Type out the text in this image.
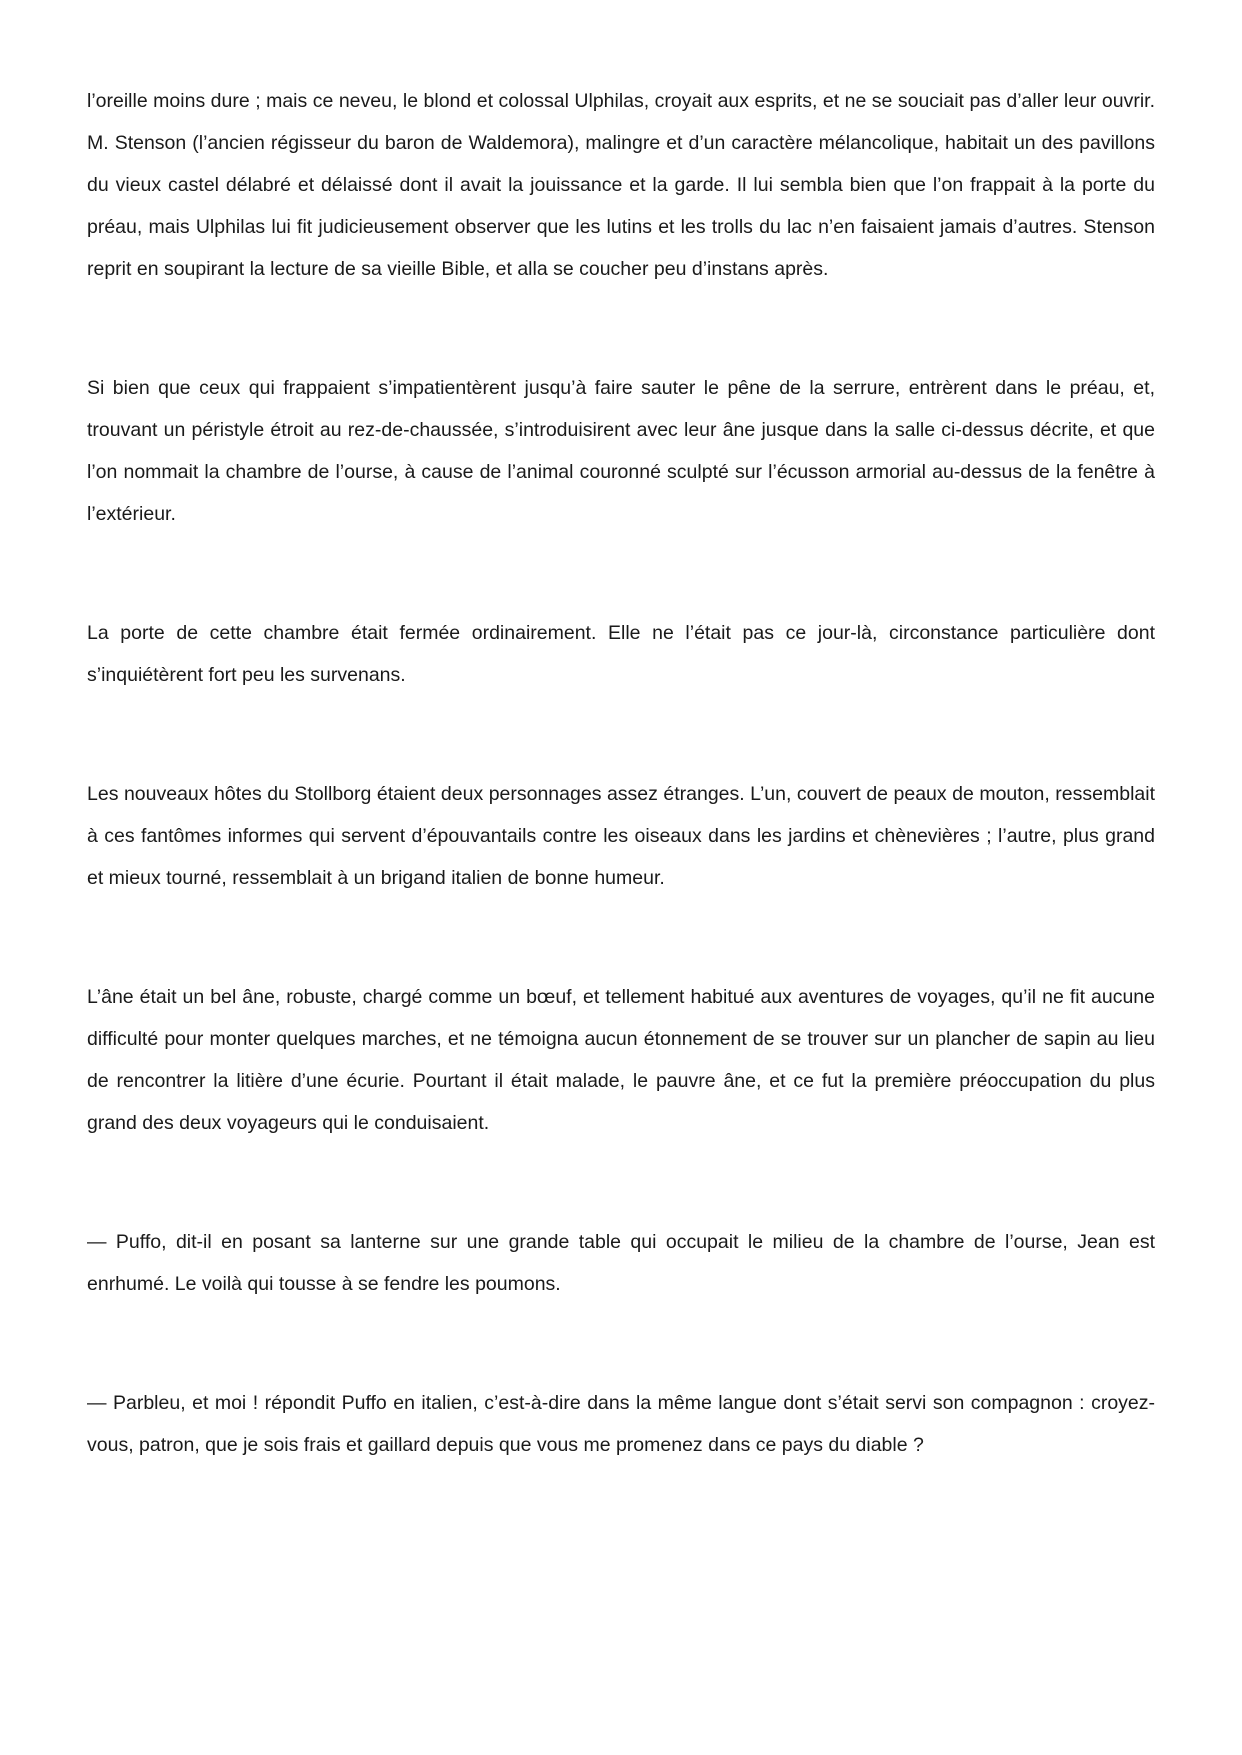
l’oreille moins dure ; mais ce neveu, le blond et colossal Ulphilas, croyait aux esprits, et ne se souciait pas d’aller leur ouvrir. M. Stenson (l’ancien régisseur du baron de Waldemora), malingre et d’un caractère mélancolique, habitait un des pavillons du vieux castel délabré et délaissé dont il avait la jouissance et la garde. Il lui sembla bien que l’on frappait à la porte du préau, mais Ulphilas lui fit judicieusement observer que les lutins et les trolls du lac n’en faisaient jamais d’autres. Stenson reprit en soupirant la lecture de sa vieille Bible, et alla se coucher peu d’instans après.

Si bien que ceux qui frappaient s’impatientèrent jusqu’à faire sauter le pêne de la serrure, entrèrent dans le préau, et, trouvant un péristyle étroit au rez-de-chaussée, s’introduisirent avec leur âne jusque dans la salle ci-dessus décrite, et que l’on nommait la chambre de l’ourse, à cause de l’animal couronné sculpté sur l’écusson armorial au-dessus de la fenêtre à l’extérieur.

La porte de cette chambre était fermée ordinairement. Elle ne l’était pas ce jour-là, circonstance particulière dont s’inquiétèrent fort peu les survenans.

Les nouveaux hôtes du Stollborg étaient deux personnages assez étranges. L’un, couvert de peaux de mouton, ressemblait à ces fantômes informes qui servent d’épouvantails contre les oiseaux dans les jardins et chènevières ; l’autre, plus grand et mieux tourné, ressemblait à un brigand italien de bonne humeur.

L’âne était un bel âne, robuste, chargé comme un bœuf, et tellement habitué aux aventures de voyages, qu’il ne fit aucune difficulté pour monter quelques marches, et ne témoigna aucun étonnement de se trouver sur un plancher de sapin au lieu de rencontrer la litière d’une écurie. Pourtant il était malade, le pauvre âne, et ce fut la première préoccupation du plus grand des deux voyageurs qui le conduisaient.

— Puffo, dit-il en posant sa lanterne sur une grande table qui occupait le milieu de la chambre de l’ourse, Jean est enrhumé. Le voilà qui tousse à se fendre les poumons.

— Parbleu, et moi ! répondit Puffo en italien, c’est-à-dire dans la même langue dont s’était servi son compagnon : croyez-vous, patron, que je sois frais et gaillard depuis que vous me promenez dans ce pays du diable ?
